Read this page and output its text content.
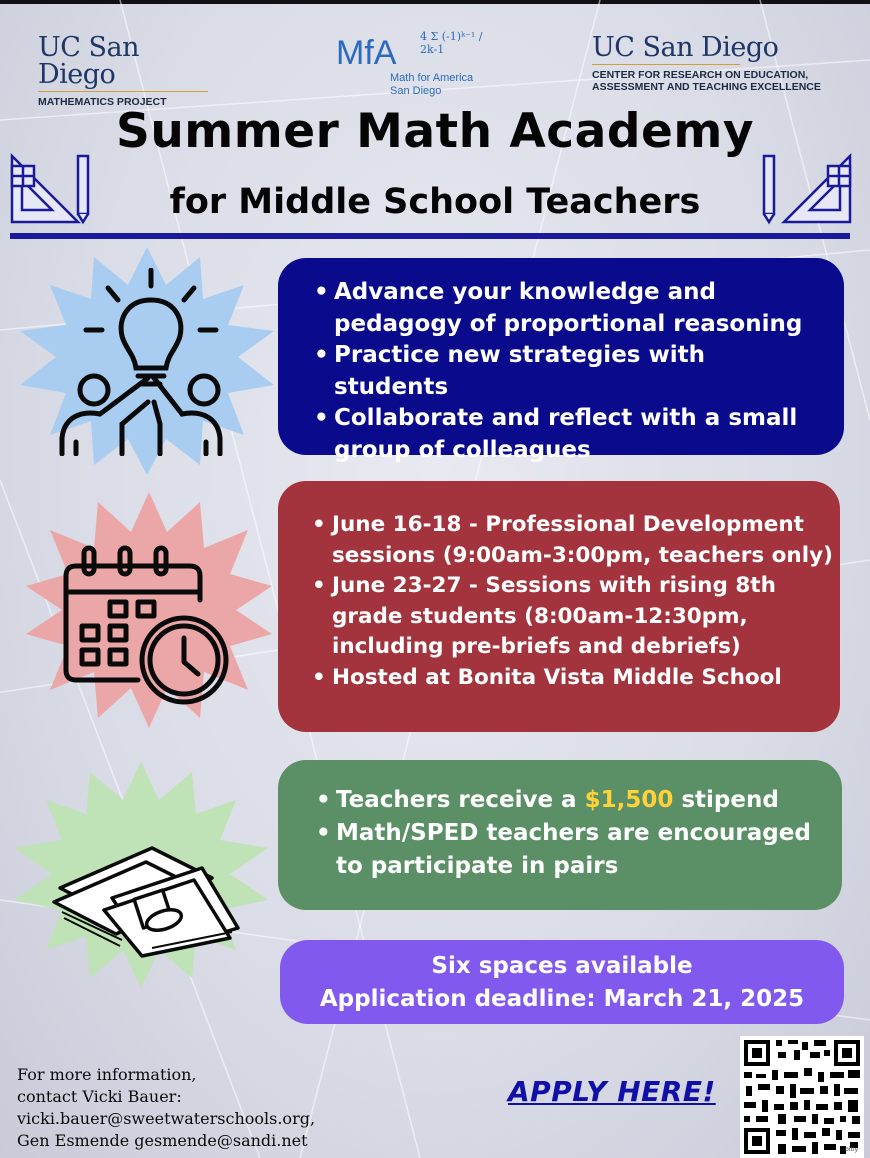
UC San Diego
MATHEMATICS PROJECT
MfA 4 Σ (-1)ᵏ⁻¹ / 2k-1
Math for America
San Diego
UC San Diego
CENTER FOR RESEARCH ON EDUCATION,
ASSESSMENT AND TEACHING EXCELLENCE
Summer Math Academy
for Middle School Teachers
• Advance your knowledge and pedagogy of proportional reasoning
• Practice new strategies with students
• Collaborate and reflect with a small group of colleagues
• June 16-18 - Professional Development sessions (9:00am-3:00pm, teachers only)
• June 23-27 - Sessions with rising 8th grade students (8:00am-12:30pm, including pre-briefs and debriefs)
• Hosted at Bonita Vista Middle School
• Teachers receive a $1,500 stipend
• Math/SPED teachers are encouraged to participate in pairs
Six spaces available
Application deadline: March 21, 2025
For more information,
contact Vicki Bauer:
vicki.bauer@sweetwaterschools.org,
Gen Esmende gesmende@sandi.net
APPLY HERE!
bitly
